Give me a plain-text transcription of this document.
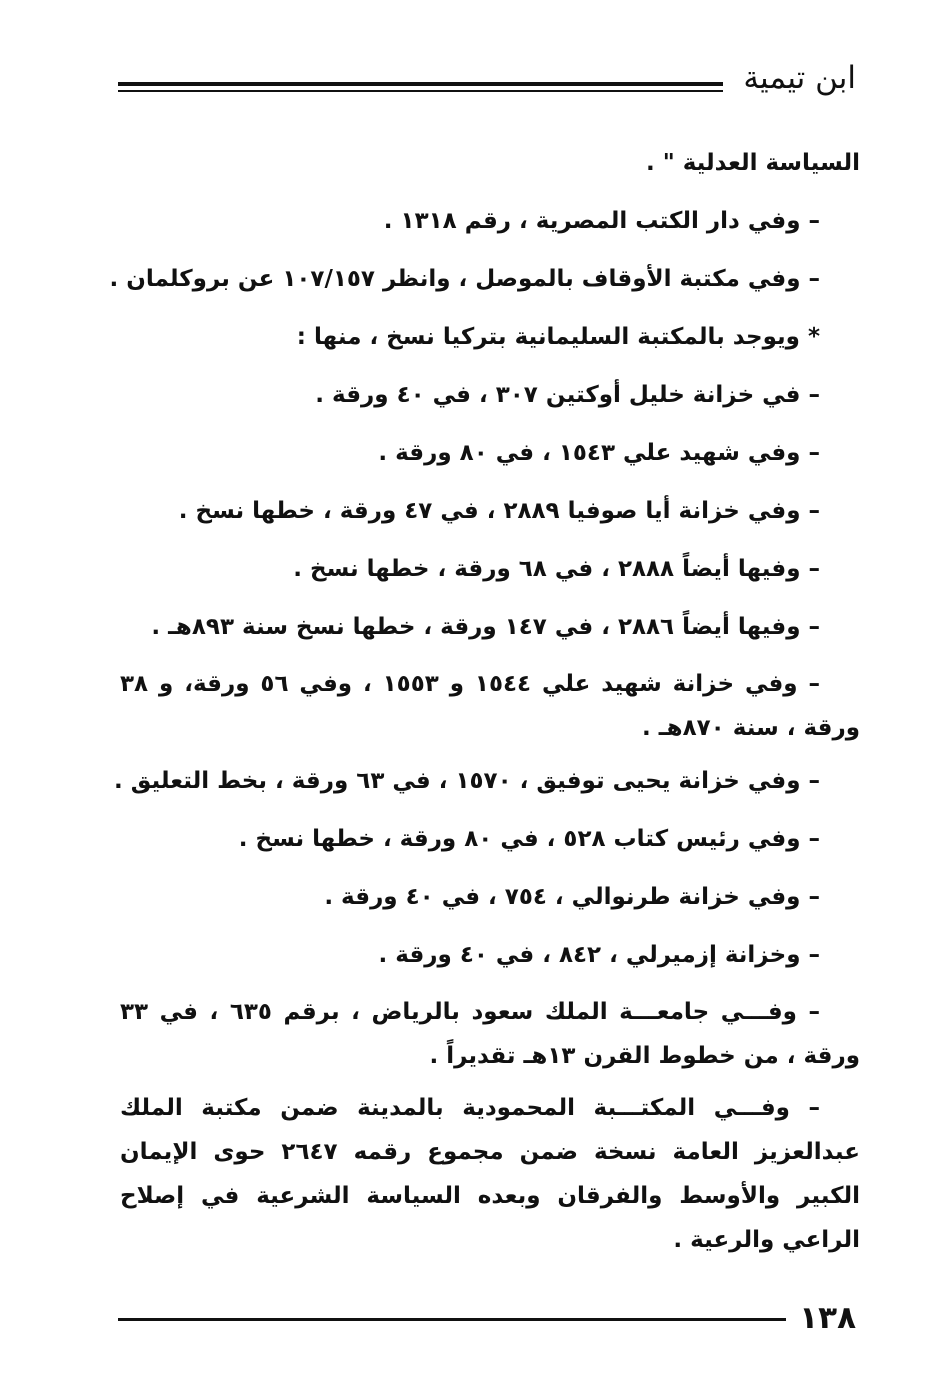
ابن تيمية
السياسة العدلية " .
– وفي دار الكتب المصرية ، رقم ١٣١٨ .
– وفي مكتبة الأوقاف بالموصل ، وانظر ١٠٧/١٥٧ عن بروكلمان .
* ويوجد بالمكتبة السليمانية بتركيا نسخ ، منها :
– في خزانة خليل أوكتين ٣٠٧ ، في ٤٠ ورقة .
– وفي شهيد علي ١٥٤٣ ، في ٨٠ ورقة .
– وفي خزانة أيا صوفيا ٢٨٨٩ ، في ٤٧ ورقة ، خطها نسخ .
– وفيها أيضاً ٢٨٨٨ ، في ٦٨ ورقة ، خطها نسخ .
– وفيها أيضاً ٢٨٨٦ ، في ١٤٧ ورقة ، خطها نسخ سنة ٨٩٣هـ .
– وفي خزانة شهيد علي ١٥٤٤ و ١٥٥٣ ، وفي ٥٦ ورقة، و ٣٨ ورقة ، سنة ٨٧٠هـ .
– وفي خزانة يحيى توفيق ، ١٥٧٠ ، في ٦٣ ورقة ، بخط التعليق .
– وفي رئيس كتاب ٥٢٨ ، في ٨٠ ورقة ، خطها نسخ .
– وفي خزانة طرنوالي ، ٧٥٤ ، في ٤٠ ورقة .
– وخزانة إزميرلي ، ٨٤٢ ، في ٤٠ ورقة .
– وفـــي جامعـــة الملك سعود بالرياض ، برقم ٦٣٥ ، في ٣٣ ورقة ، من خطوط القرن ١٣هـ تقديراً .
– وفـــي المكتـــبة المحمودية بالمدينة ضمن مكتبة الملك عبدالعزيز العامة نسخة ضمن مجموع رقمه ٢٦٤٧ حوى الإيمان الكبير والأوسط والفرقان وبعده السياسة الشرعية في إصلاح الراعي والرعية .
١٣٨
